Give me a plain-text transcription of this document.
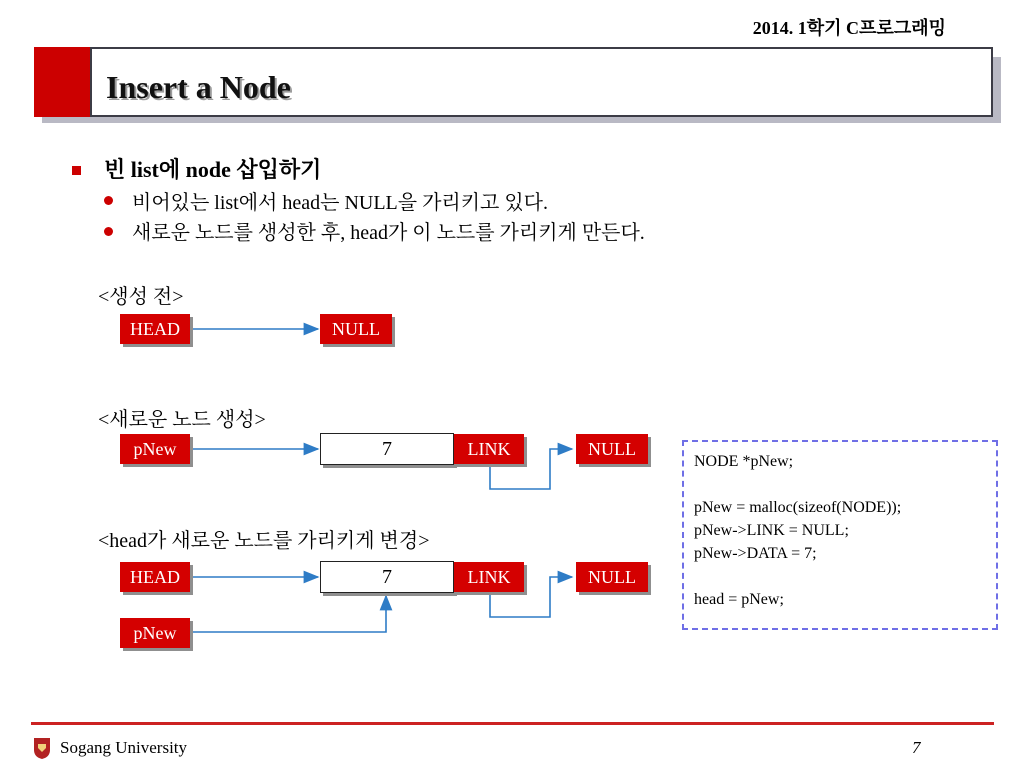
2014. 1학기 C프로그래밍
Insert a Node
빈 list에 node 삽입하기
비어있는 list에서 head는 NULL을 가리키고 있다.
새로운 노드를 생성한 후, head가 이 노드를 가리키게 만든다.
<생성 전>
<새로운 노드 생성>
<head가 새로운 노드를 가리키게 변경>
HEAD	NULL
pNew	7	LINK	NULL
HEAD	7	LINK	NULL
pNew
NODE *pNew;
pNew = malloc(sizeof(NODE));
pNew->LINK = NULL;
pNew->DATA = 7;
head = pNew;
Sogang University	7
